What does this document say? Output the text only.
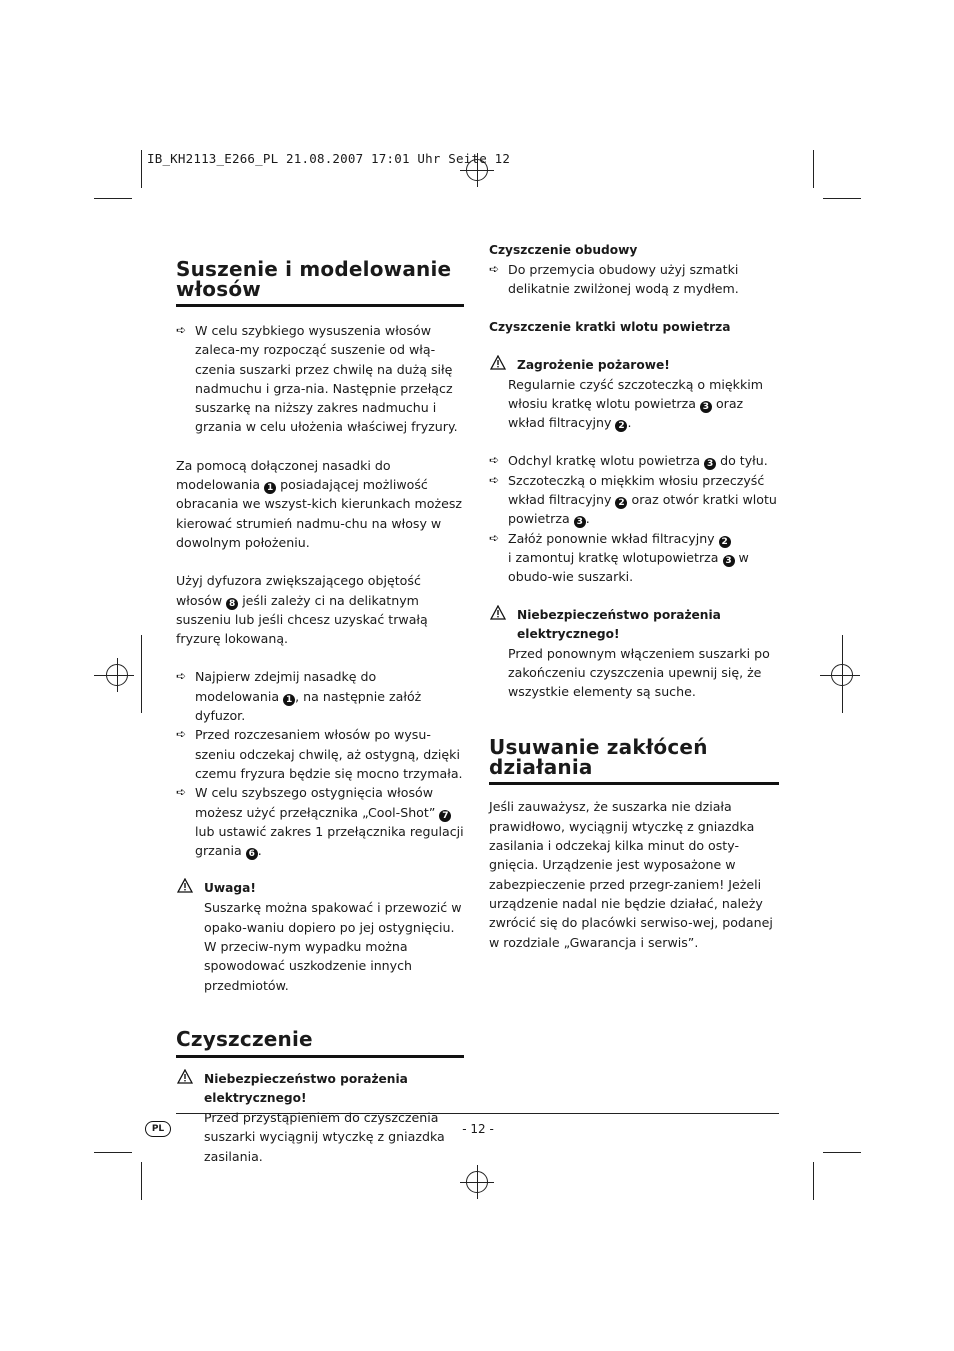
IB_KH2113_E266_PL 21.08.2007 17:01 Uhr Seite 12
Suszenie i modelowanie włosów
➪ W celu szybkiego wysuszenia włosów zaleca-my rozpocząć suszenie od włą-czenia suszarki przez chwilę na dużą siłę nadmuchu i grza-nia. Następnie przełącz suszarkę na niższy zakres nadmuchu i grzania w celu ułożenia właściwej fryzury.

Za pomocą dołączonej nasadki do modelowania 1 posiadającej możliwość obracania we wszyst-kich kierunkach możesz kierować strumień nadmu-chu na włosy w dowolnym położeniu.

Użyj dyfuzora zwiększającego objętość włosów 8 jeśli zależy ci na delikatnym suszeniu lub jeśli chcesz uzyskać trwałą fryzurę lokowaną.

➪ Najpierw zdejmij nasadkę do modelowania 1 , na następnie załóż dyfuzor.

➪ Przed rozczesaniem włosów po wysu-szeniu odczekaj chwilę, aż ostygną, dzięki czemu fryzura będzie się mocno trzymała.

➪ W celu szybszego ostygnięcia włosów możesz użyć przełącznika „Cool-Shot” 7 lub ustawić zakres 1 przełącznika regulacji grzania 6 .

Uwaga!

Suszarkę można spakować i przewozić w opako-waniu dopiero po jej ostygnięciu. W przeciw-nym wypadku można spowodować uszkodzenie innych przedmiotów.

Czyszczenie
Niebezpieczeństwo porażenia elektrycznego!

Przed przystąpieniem do czyszczenia suszarki wyciągnij wtyczkę z gniazdka zasilania.

Czyszczenie obudowy
➪ Do przemycia obudowy użyj szmatki delikatnie zwilżonej wodą z mydłem.

Czyszczenie kratki wlotu powietrza
Zagrożenie pożarowe!

Regularnie czyść szczoteczką o miękkim włosiu kratkę wlotu powietrza 3 oraz wkład filtracyjny 2 .

➪ Odchyl kratkę wlotu powietrza 3 do tyłu.

➪ Szczoteczką o miękkim włosiu przeczyść wkład filtracyjny 2 oraz otwór kratki wlotu powietrza 3 .

➪ Załóż ponownie wkład filtracyjny 2
i zamontuj kratkę wlotupowietrza 3 w obudo-wie suszarki.

Niebezpieczeństwo porażenia elektrycznego!

Przed ponownym włączeniem suszarki po zakończeniu czyszczenia upewnij się, że wszystkie elementy są suche.

Usuwanie zakłóceń działania

Jeśli zauważysz, że suszarka nie działa prawidłowo, wyciągnij wtyczkę z gniazdka zasilania i odczekaj kilka minut do osty-gnięcia. Urządzenie jest wyposażone w zabezpieczenie przed przegr-zaniem! Jeżeli urządzenie nadal nie będzie działać, należy zwrócić się do placówki serwiso-wej, podanej w rozdziale „Gwarancja i serwis”.

PL	- 12 -
